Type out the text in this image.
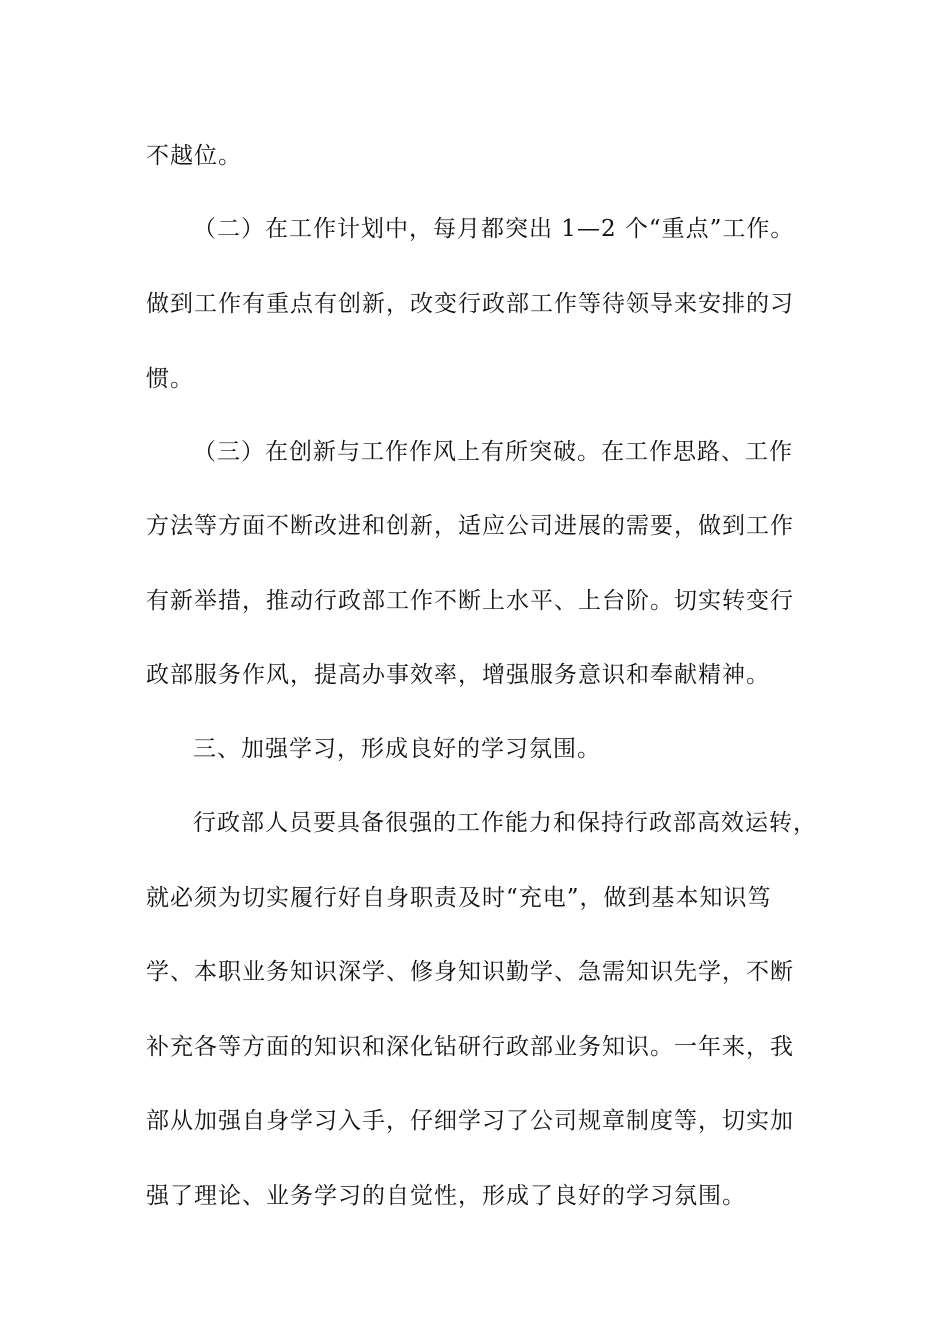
不越位。
（二）在工作计划中，每月都突出 1—2 个“重点”工作。
做到工作有重点有创新，改变行政部工作等待领导来安排的习
惯。
（三）在创新与工作作风上有所突破。在工作思路、工作
方法等方面不断改进和创新，适应公司进展的需要，做到工作
有新举措，推动行政部工作不断上水平、上台阶。切实转变行
政部服务作风，提高办事效率，增强服务意识和奉献精神。
三、加强学习，形成良好的学习氛围。
行政部人员要具备很强的工作能力和保持行政部高效运转，
就必须为切实履行好自身职责及时“充电”，做到基本知识笃
学、本职业务知识深学、修身知识勤学、急需知识先学，不断
补充各等方面的知识和深化钻研行政部业务知识。一年来，我
部从加强自身学习入手，仔细学习了公司规章制度等，切实加
强了理论、业务学习的自觉性，形成了良好的学习氛围。
